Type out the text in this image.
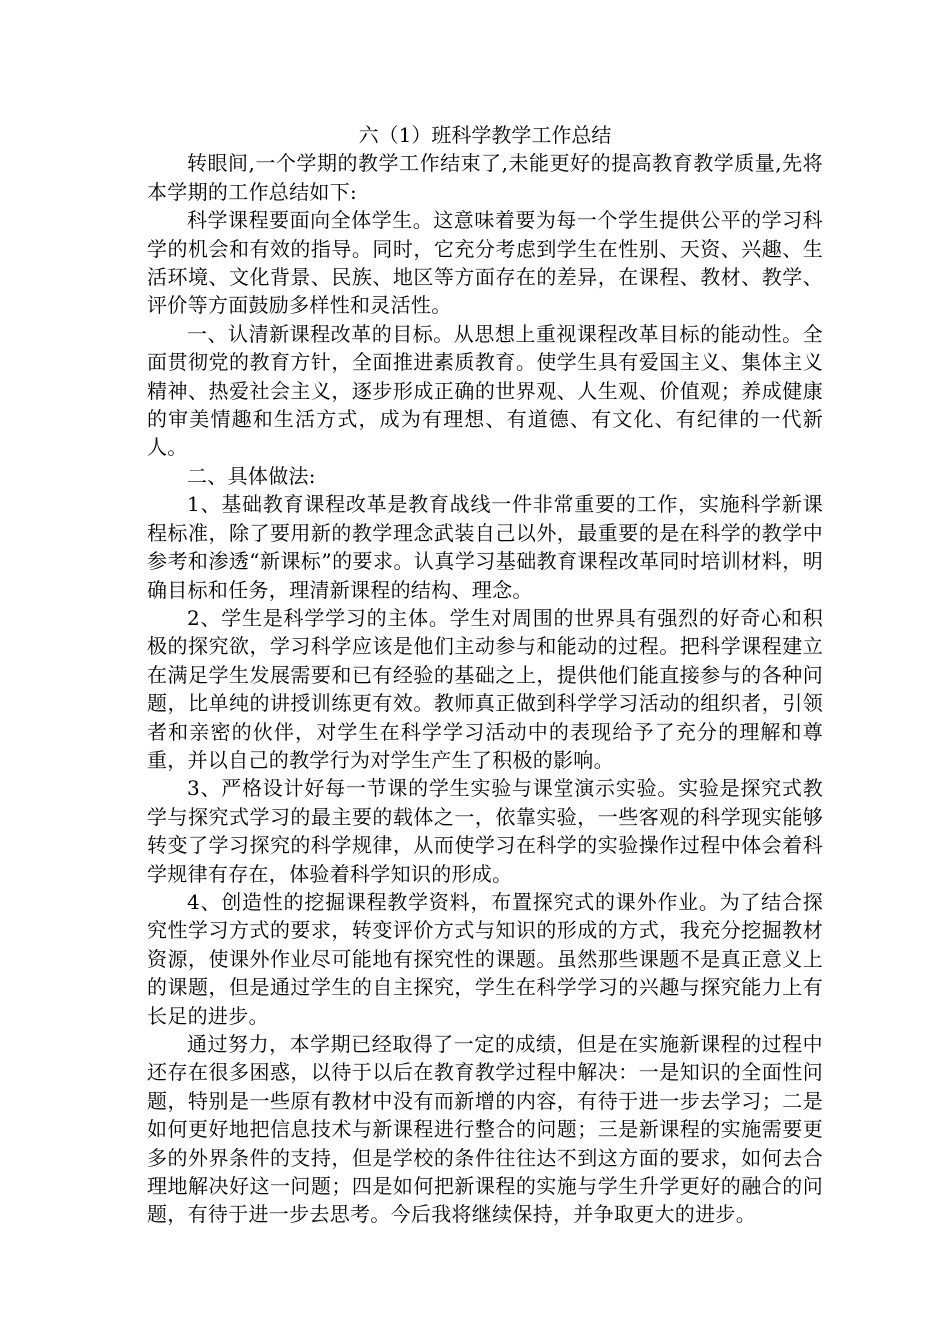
六（1）班科学教学工作总结

转眼间,一个学期的教学工作结束了,未能更好的提高教育教学质量,先将本学期的工作总结如下:

科学课程要面向全体学生。这意味着要为每一个学生提供公平的学习科学的机会和有效的指导。同时，它充分考虑到学生在性别、天资、兴趣、生活环境、文化背景、民族、地区等方面存在的差异，在课程、教材、教学、评价等方面鼓励多样性和灵活性。

一、认清新课程改革的目标。从思想上重视课程改革目标的能动性。全面贯彻党的教育方针，全面推进素质教育。使学生具有爱国主义、集体主义精神、热爱社会主义，逐步形成正确的世界观、人生观、价值观；养成健康的审美情趣和生活方式，成为有理想、有道德、有文化、有纪律的一代新人。

二、具体做法:

1、基础教育课程改革是教育战线一件非常重要的工作，实施科学新课程标准，除了要用新的教学理念武装自己以外，最重要的是在科学的教学中参考和渗透“新课标”的要求。认真学习基础教育课程改革同时培训材料，明确目标和任务，理清新课程的结构、理念。

2、学生是科学学习的主体。学生对周围的世界具有强烈的好奇心和积极的探究欲，学习科学应该是他们主动参与和能动的过程。把科学课程建立在满足学生发展需要和已有经验的基础之上，提供他们能直接参与的各种问题，比单纯的讲授训练更有效。教师真正做到科学学习活动的组织者，引领者和亲密的伙伴，对学生在科学学习活动中的表现给予了充分的理解和尊重，并以自己的教学行为对学生产生了积极的影响。

3、严格设计好每一节课的学生实验与课堂演示实验。实验是探究式教学与探究式学习的最主要的载体之一，依靠实验，一些客观的科学现实能够转变了学习探究的科学规律，从而使学习在科学的实验操作过程中体会着科学规律有存在，体验着科学知识的形成。

4、创造性的挖掘课程教学资料，布置探究式的课外作业。为了结合探究性学习方式的要求，转变评价方式与知识的形成的方式，我充分挖掘教材资源，使课外作业尽可能地有探究性的课题。虽然那些课题不是真正意义上的课题，但是通过学生的自主探究，学生在科学学习的兴趣与探究能力上有长足的进步。

通过努力，本学期已经取得了一定的成绩，但是在实施新课程的过程中还存在很多困惑，以待于以后在教育教学过程中解决：一是知识的全面性问题，特别是一些原有教材中没有而新增的内容，有待于进一步去学习；二是如何更好地把信息技术与新课程进行整合的问题；三是新课程的实施需要更多的外界条件的支持，但是学校的条件往往达不到这方面的要求，如何去合理地解决好这一问题；四是如何把新课程的实施与学生升学更好的融合的问题，有待于进一步去思考。今后我将继续保持，并争取更大的进步。
